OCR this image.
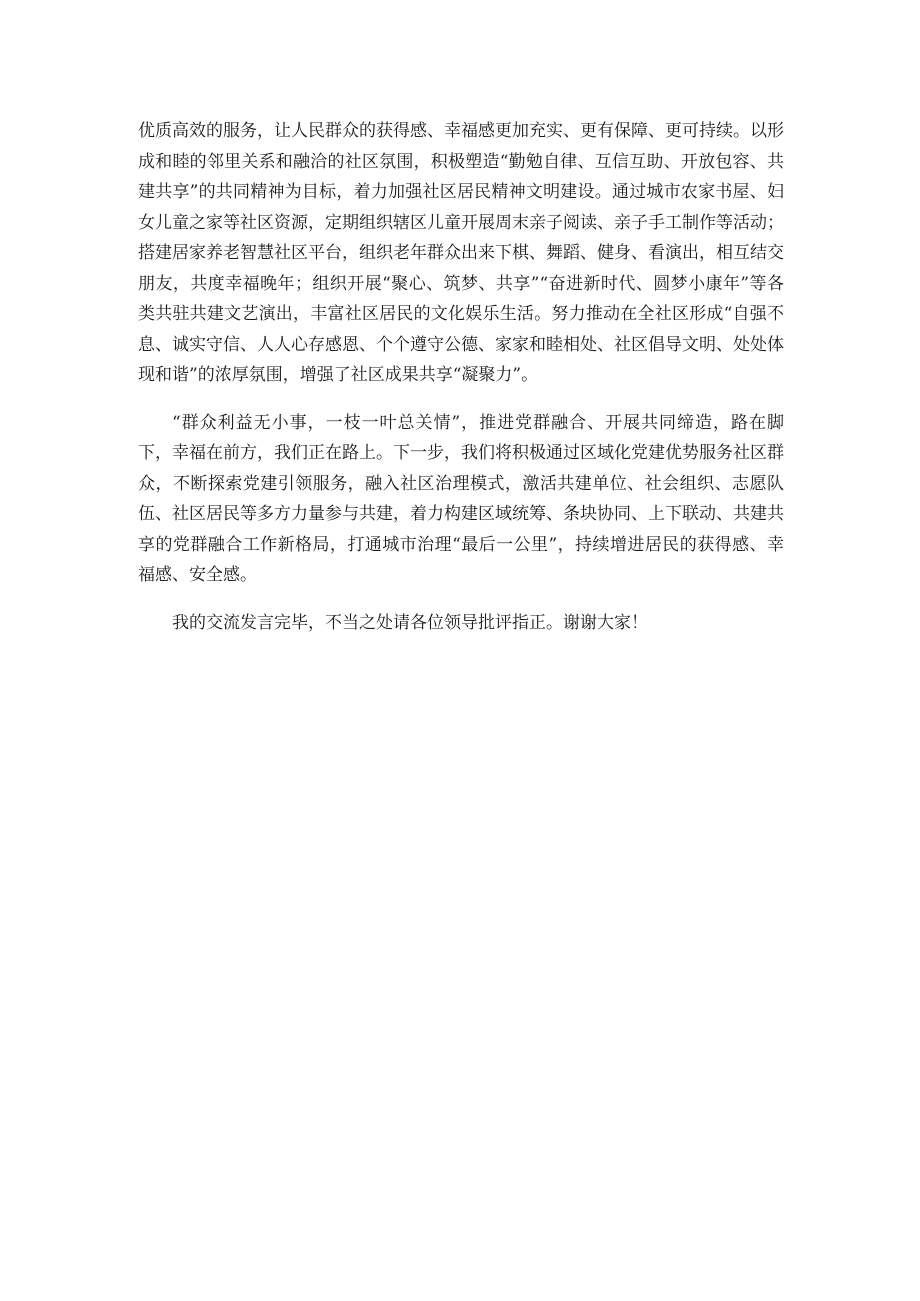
优质高效的服务，让人民群众的获得感、幸福感更加充实、更有保障、更可持续。以形成和睦的邻里关系和融洽的社区氛围，积极塑造“勤勉自律、互信互助、开放包容、共建共享”的共同精神为目标，着力加强社区居民精神文明建设。通过城市农家书屋、妇女儿童之家等社区资源，定期组织辖区儿童开展周末亲子阅读、亲子手工制作等活动；搭建居家养老智慧社区平台，组织老年群众出来下棋、舞蹈、健身、看演出，相互结交朋友，共度幸福晚年；组织开展“聚心、筑梦、共享”“奋进新时代、圆梦小康年”等各类共驻共建文艺演出，丰富社区居民的文化娱乐生活。努力推动在全社区形成“自强不息、诚实守信、人人心存感恩、个个遵守公德、家家和睦相处、社区倡导文明、处处体现和谐”的浓厚氛围，增强了社区成果共享“凝聚力”。

“群众利益无小事，一枝一叶总关情”，推进党群融合、开展共同缔造，路在脚下，幸福在前方，我们正在路上。下一步，我们将积极通过区域化党建优势服务社区群众，不断探索党建引领服务，融入社区治理模式，激活共建单位、社会组织、志愿队伍、社区居民等多方力量参与共建，着力构建区域统筹、条块协同、上下联动、共建共享的党群融合工作新格局，打通城市治理“最后一公里”，持续增进居民的获得感、幸福感、安全感。

我的交流发言完毕，不当之处请各位领导批评指正。谢谢大家！
